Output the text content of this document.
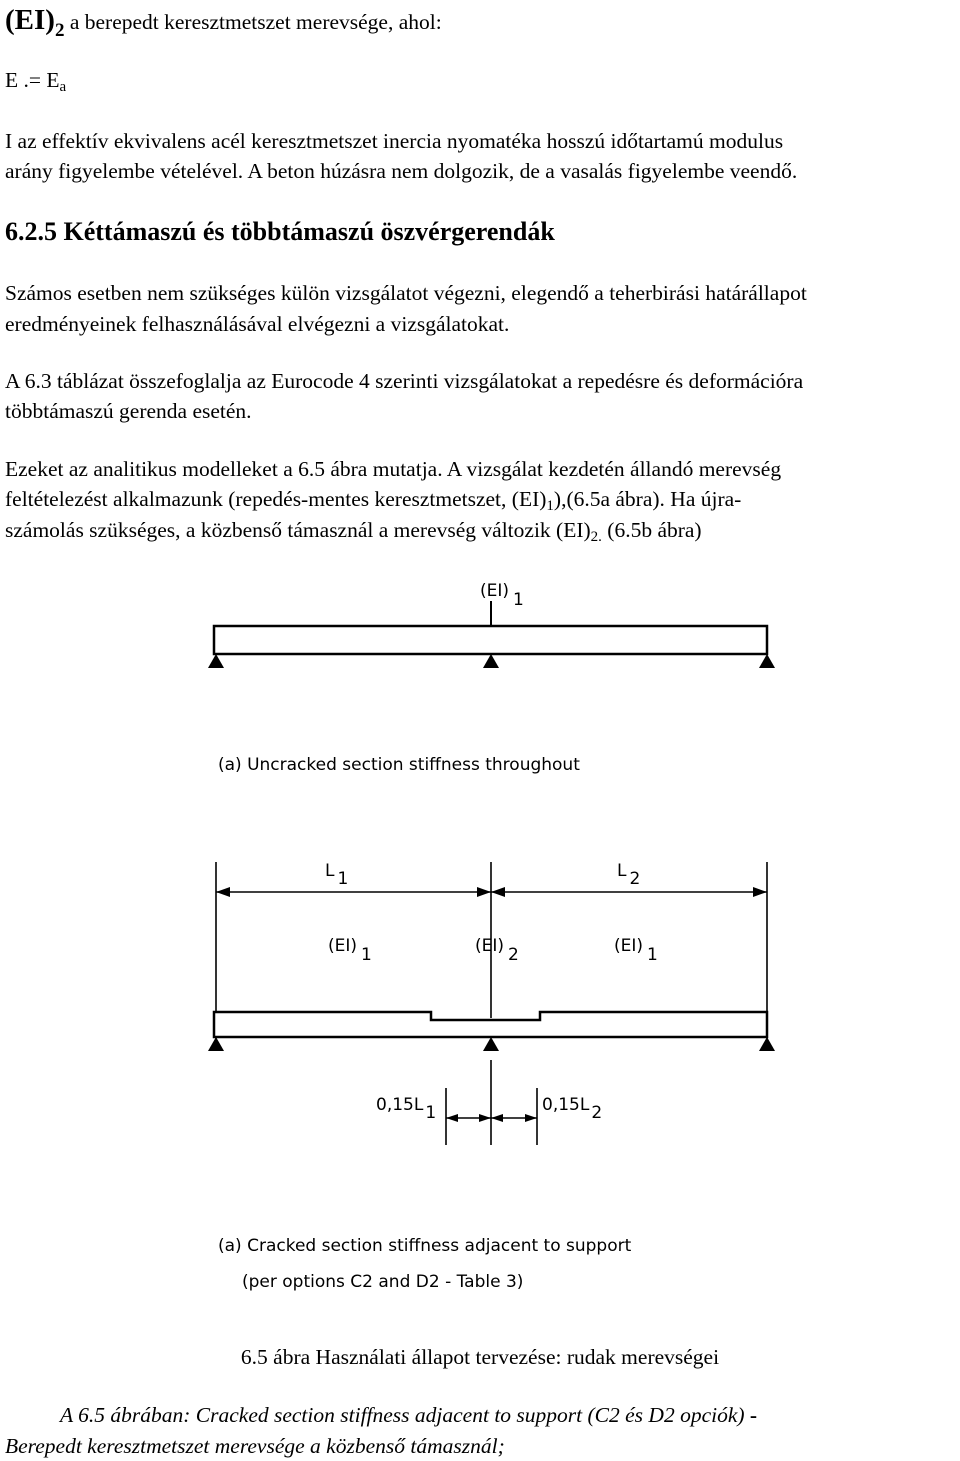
$(EI)_2$ a berepedt keresztmetszet merevsége, ahol:
E .= $E_a$
I az effektív ekvivalens acél keresztmetszet inercia nyomatéka hosszú időtartamú modulus
arány figyelembe vételével. A beton húzásra nem dolgozik, de a vasalás figyelembe veendő.
6.2.5 Kéttámaszú és többtámaszú öszvérgerendák
Számos esetben nem szükséges külön vizsgálatot végezni, elegendő a teherbirási határállapot
eredményeinek felhasználásával elvégezni a vizsgálatokat.
A 6.3 táblázat összefoglalja az Eurocode 4 szerinti vizsgálatokat a repedésre és deformációra
többtámaszú gerenda esetén.
Ezeket az analitikus modelleket a 6.5 ábra mutatja. A vizsgálat kezdetén állandó merevség
feltételezést alkalmazunk (repedés-mentes keresztmetszet, $(EI)_1),(6.5a$ ábra). Ha újra-
számolás szükséges, a közbenső támasznál a merevség változik $(EI)_{2.}$ (6.5b ábra)
(EI) 1
(a) Uncracked section stiffness throughout
L 1	L 2
(EI) 1	(EI) 2	(EI) 1
0,15L 1	0,15L 2
(a) Cracked section stiffness adjacent to support
(per options C2 and D2 - Table 3)
6.5 ábra Használati állapot tervezése: rudak merevségei
A 6.5 ábrában: Cracked section stiffness adjacent to support (C2 és D2 opciók) -
Berepedt keresztmetszet merevsége a közbenső támasznál;
